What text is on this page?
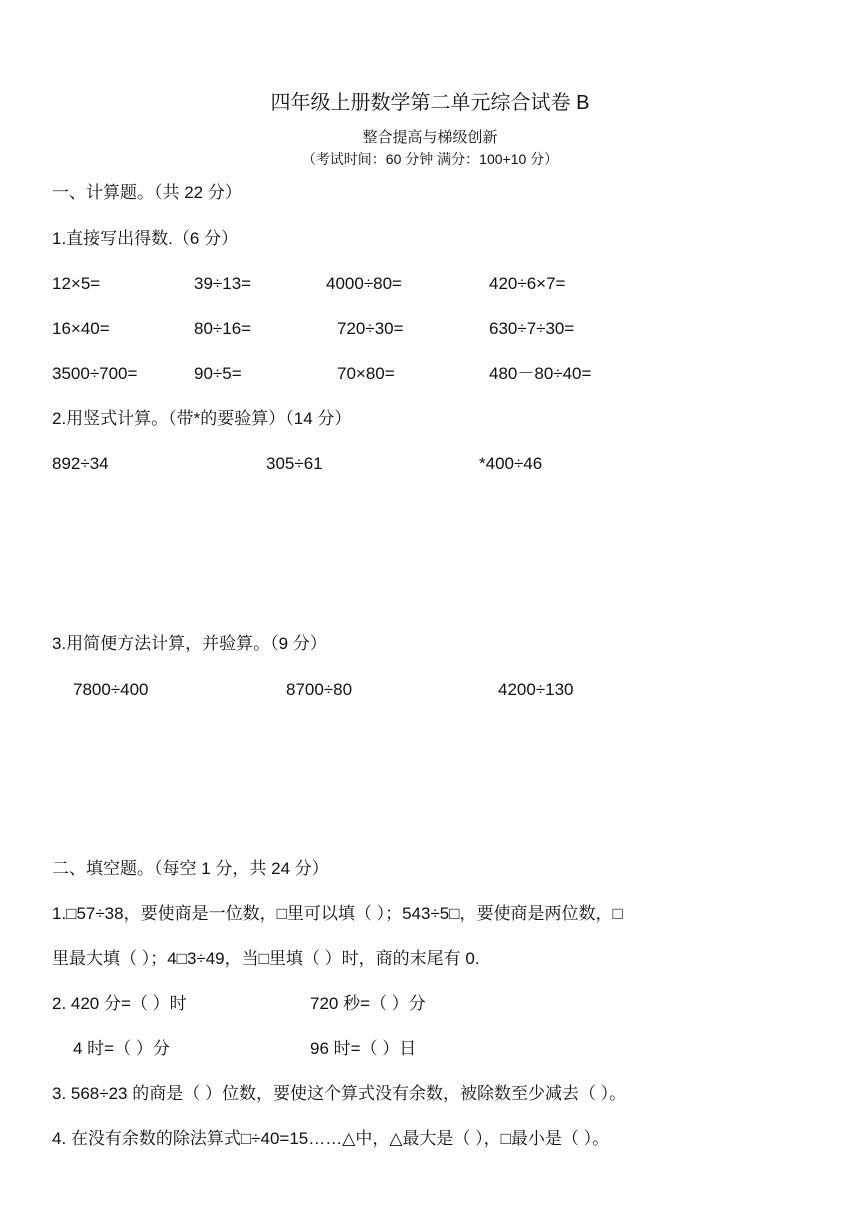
四年级上册数学第二单元综合试卷 B
整合提高与梯级创新
（考试时间：60 分钟 满分：100+10 分）
一、计算题。（共 22 分）
1.直接写出得数.（6 分）
12×5=	39÷13=	4000÷80=	420÷6×7=
16×40=	80÷16=	720÷30=	630÷7÷30=
3500÷700=	90÷5=	70×80=	480－80÷40=
2.用竖式计算。（带*的要验算）（14 分）
892÷34	305÷61	*400÷46
3.用简便方法计算，并验算。（9 分）
7800÷400	8700÷80	4200÷130
二、填空题。（每空 1 分，共 24 分）
1.□57÷38，要使商是一位数，□里可以填（ ）；543÷5□，要使商是两位数，□
里最大填（ ）；4□3÷49，当□里填（ ）时，商的末尾有 0.
2. 420 分=（ ）时	720 秒=（ ）分
4 时=（ ）分	96 时=（ ）日
3. 568÷23 的商是（ ）位数，要使这个算式没有余数，被除数至少减去（ ）。
4. 在没有余数的除法算式□÷40=15……△中，△最大是（ ），□最小是（ ）。
